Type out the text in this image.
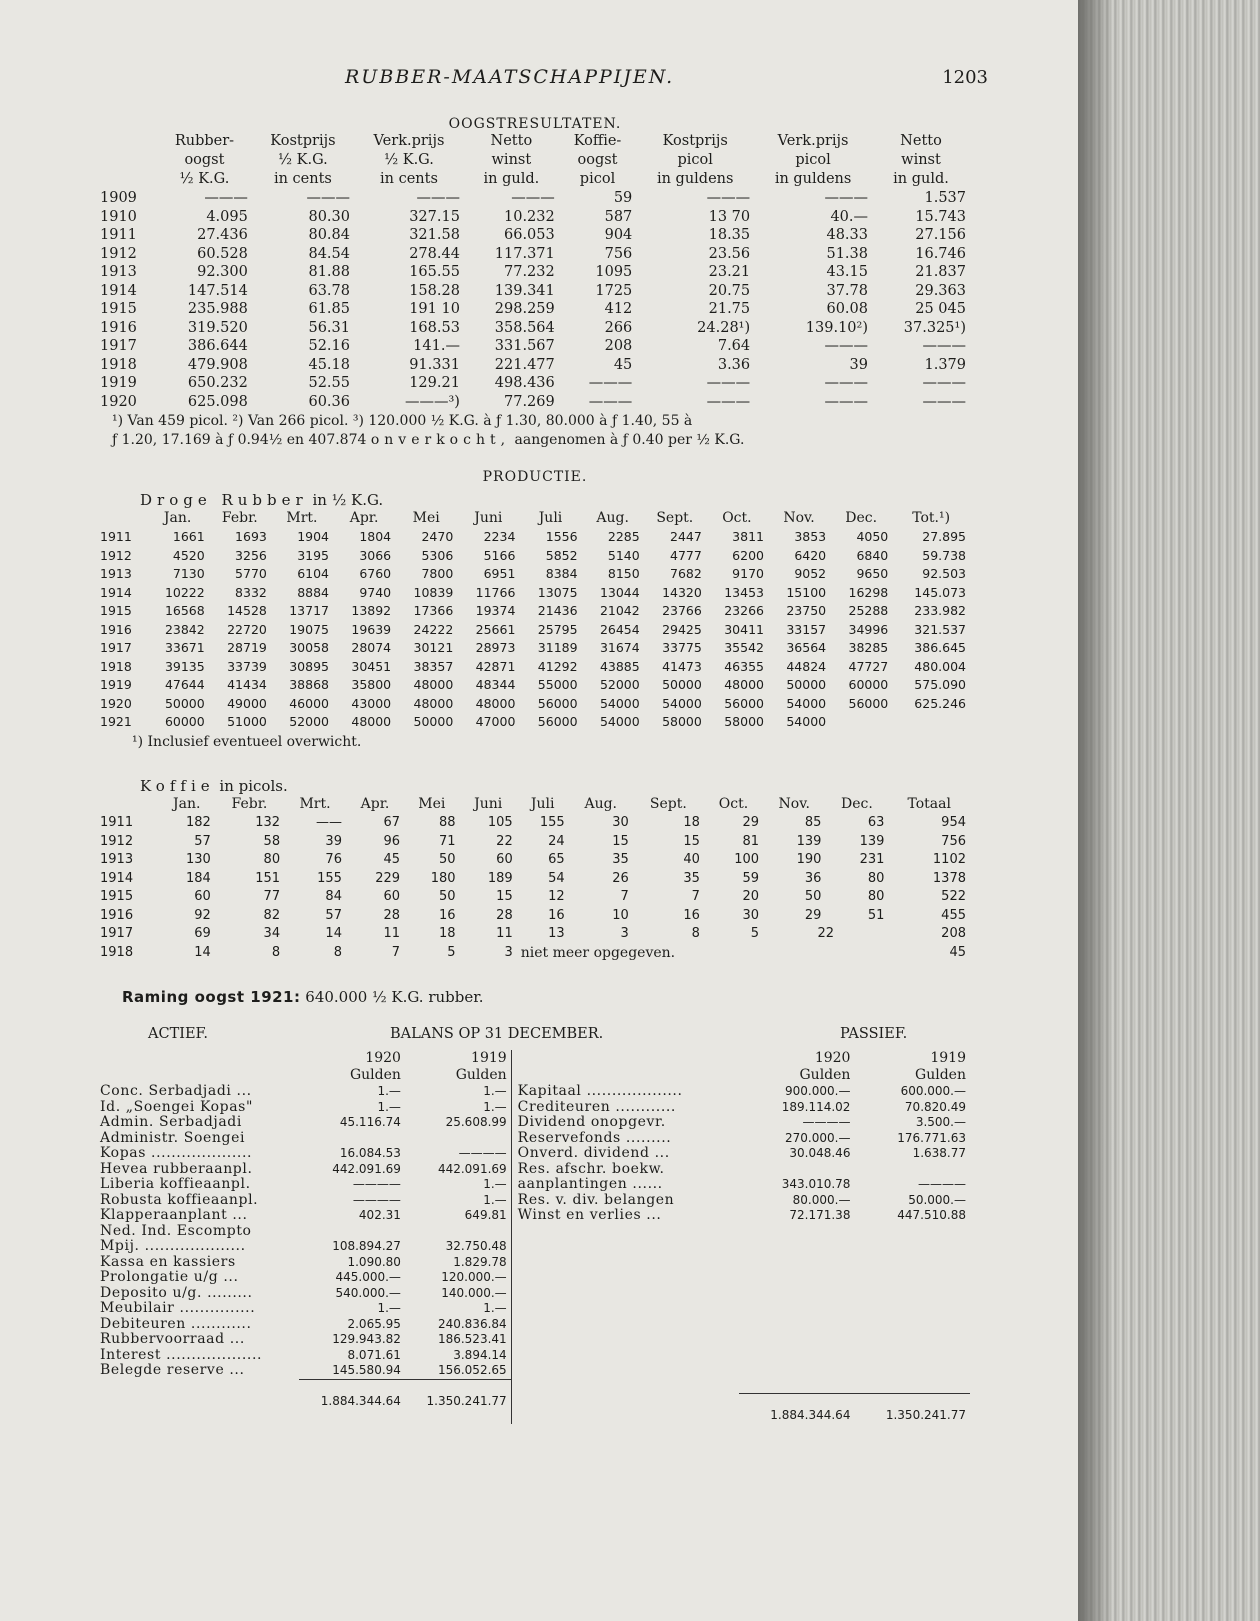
RUBBER-MAATSCHAPPIJEN.	1203

OOGSTRESULTATEN.

	Rubber-	Kostprijs	Verk.prijs	Netto	Koffie-	Kostprijs	Verk.prijs	Netto
	oogst	½ K.G.	½ K.G.	winst	oogst	picol	picol	winst
	½ K.G.	in cents	in cents	in guld.	picol	in guldens	in guldens	in guld.
1909	———	———	———	———	59	———	———	1.537
1910	4.095	80.30	327.15	10.232	587	13 70	40.—	15.743
1911	27.436	80.84	321.58	66.053	904	18.35	48.33	27.156
1912	60.528	84.54	278.44	117.371	756	23.56	51.38	16.746
1913	92.300	81.88	165.55	77.232	1095	23.21	43.15	21.837
1914	147.514	63.78	158.28	139.341	1725	20.75	37.78	29.363
1915	235.988	61.85	191 10	298.259	412	21.75	60.08	25 045
1916	319.520	56.31	168.53	358.564	266	24.28¹)	139.10²)	37.325¹)
1917	386.644	52.16	141.—	331.567	208	7.64	———	———
1918	479.908	45.18	91.331	221.477	45	3.36	39	1.379
1919	650.232	52.55	129.21	498.436	———	———	———	———
1920	625.098	60.36	———³)	77.269	———	———	———	———
¹) Van 459 picol. ²) Van 266 picol. ³) 120.000 ½ K.G. à ƒ 1.30, 80.000 à ƒ 1.40, 55 à
ƒ 1.20, 17.169 à ƒ 0.94½ en 407.874 onverkocht, aangenomen à ƒ 0.40 per ½ K.G.

PRODUCTIE.

Droge Rubber in ½ K.G.
	Jan.	Febr.	Mrt.	Apr.	Mei	Juni	Juli	Aug.	Sept.	Oct.	Nov.	Dec.	Tot.¹)
1911	1661	1693	1904	1804	2470	2234	1556	2285	2447	3811	3853	4050	27.895
1912	4520	3256	3195	3066	5306	5166	5852	5140	4777	6200	6420	6840	59.738
1913	7130	5770	6104	6760	7800	6951	8384	8150	7682	9170	9052	9650	92.503
1914	10222	8332	8884	9740	10839	11766	13075	13044	14320	13453	15100	16298	145.073
1915	16568	14528	13717	13892	17366	19374	21436	21042	23766	23266	23750	25288	233.982
1916	23842	22720	19075	19639	24222	25661	25795	26454	29425	30411	33157	34996	321.537
1917	33671	28719	30058	28074	30121	28973	31189	31674	33775	35542	36564	38285	386.645
1918	39135	33739	30895	30451	38357	42871	41292	43885	41473	46355	44824	47727	480.004
1919	47644	41434	38868	35800	48000	48344	55000	52000	50000	48000	50000	60000	575.090
1920	50000	49000	46000	43000	48000	48000	56000	54000	54000	56000	54000	56000	625.246
1921	60000	51000	52000	48000	50000	47000	56000	54000	58000	58000	54000		
¹) Inclusief eventueel overwicht.
Koffie in picols.
	Jan.	Febr.	Mrt.	Apr.	Mei	Juni	Juli	Aug.	Sept.	Oct.	Nov.	Dec.	Totaal
1911	182	132	——	67	88	105	155	30	18	29	85	63	954
1912	57	58	39	96	71	22	24	15	15	81	139	139	756
1913	130	80	76	45	50	60	65	35	40	100	190	231	1102
1914	184	151	155	229	180	189	54	26	35	59	36	80	1378
1915	60	77	84	60	50	15	12	7	7	20	50	80	522
1916	92	82	57	28	16	28	16	10	16	30	29	51	455
1917	69	34	14	11	18	11	13	3	8	5	22		208
1918	14	8	8	7	5	3	niet meer opgegeven.						45
Raming oogst 1921: 640.000 ½ K.G. rubber.
ACTIEF.	BALANS OP 31 DECEMBER.	PASSIEF.
	1920	1919
	Gulden	Gulden
Conc. Serbadjadi ...	1.—	1.—
Id. „Soengei Kopas"	1.—	1.—
Admin. Serbadjadi	45.116.74	25.608.99
Administr. Soengei		
Kopas ....................	16.084.53	————
Hevea rubberaanpl.	442.091.69	442.091.69
Liberia koffieaanpl.	————	1.—
Robusta koffieaanpl.	————	1.—
Klapperaanplant ...	402.31	649.81
Ned. Ind. Escompto		
Mpij. ....................	108.894.27	32.750.48
Kassa en kassiers	1.090.80	1.829.78
Prolongatie u/g ...	445.000.—	120.000.—
Deposito u/g. .........	540.000.—	140.000.—
Meubilair ...............	1.—	1.—
Debiteuren ............	2.065.95	240.836.84
Rubbervoorraad ...	129.943.82	186.523.41
Interest ...................	8.071.61	3.894.14
Belegde reserve ...	145.580.94	156.052.65
	1.884.344.64	1.350.241.77
	1920	1919
	Gulden	Gulden
Kapitaal ...................	900.000.—	600.000.—
Crediteuren ............	189.114.02	70.820.49
Dividend onopgevr.	————	3.500.—
Reservefonds .........	270.000.—	176.771.63
Onverd. dividend ...	30.048.46	1.638.77
Res. afschr. boekw.		
aanplantingen ......	343.010.78	————
Res. v. div. belangen	80.000.—	50.000.—
Winst en verlies ...	72.171.38	447.510.88

	1.884.344.64	1.350.241.77
